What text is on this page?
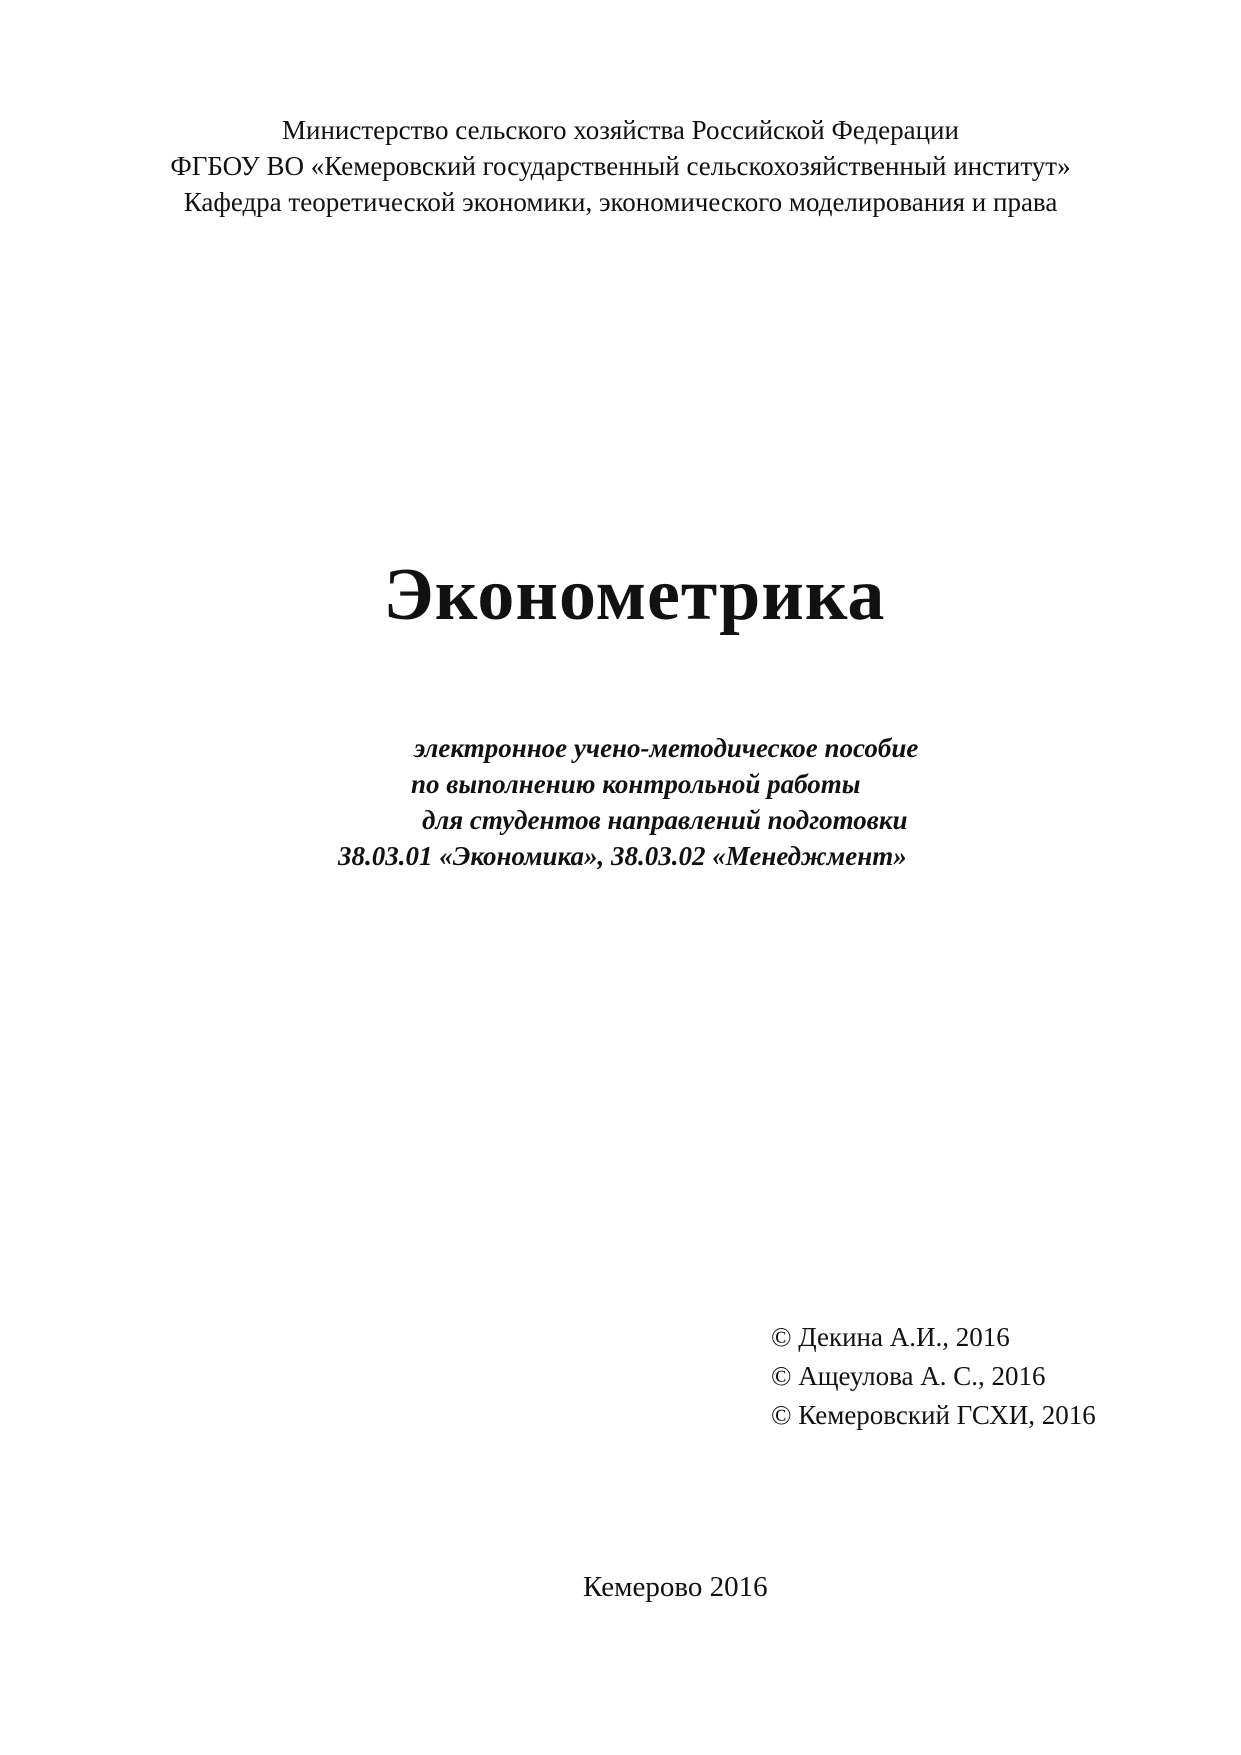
Министерство сельского хозяйства Российской Федерации
ФГБОУ ВО «Кемеровский государственный сельскохозяйственный институт»
Кафедра теоретической экономики, экономического моделирования и права
Эконометрика
электронное учено-методическое пособие
по выполнению контрольной работы
для студентов направлений подготовки
38.03.01 «Экономика», 38.03.02 «Менеджмент»
© Декина А.И., 2016
© Ащеулова А. С., 2016
© Кемеровский ГСХИ, 2016
Кемерово 2016
